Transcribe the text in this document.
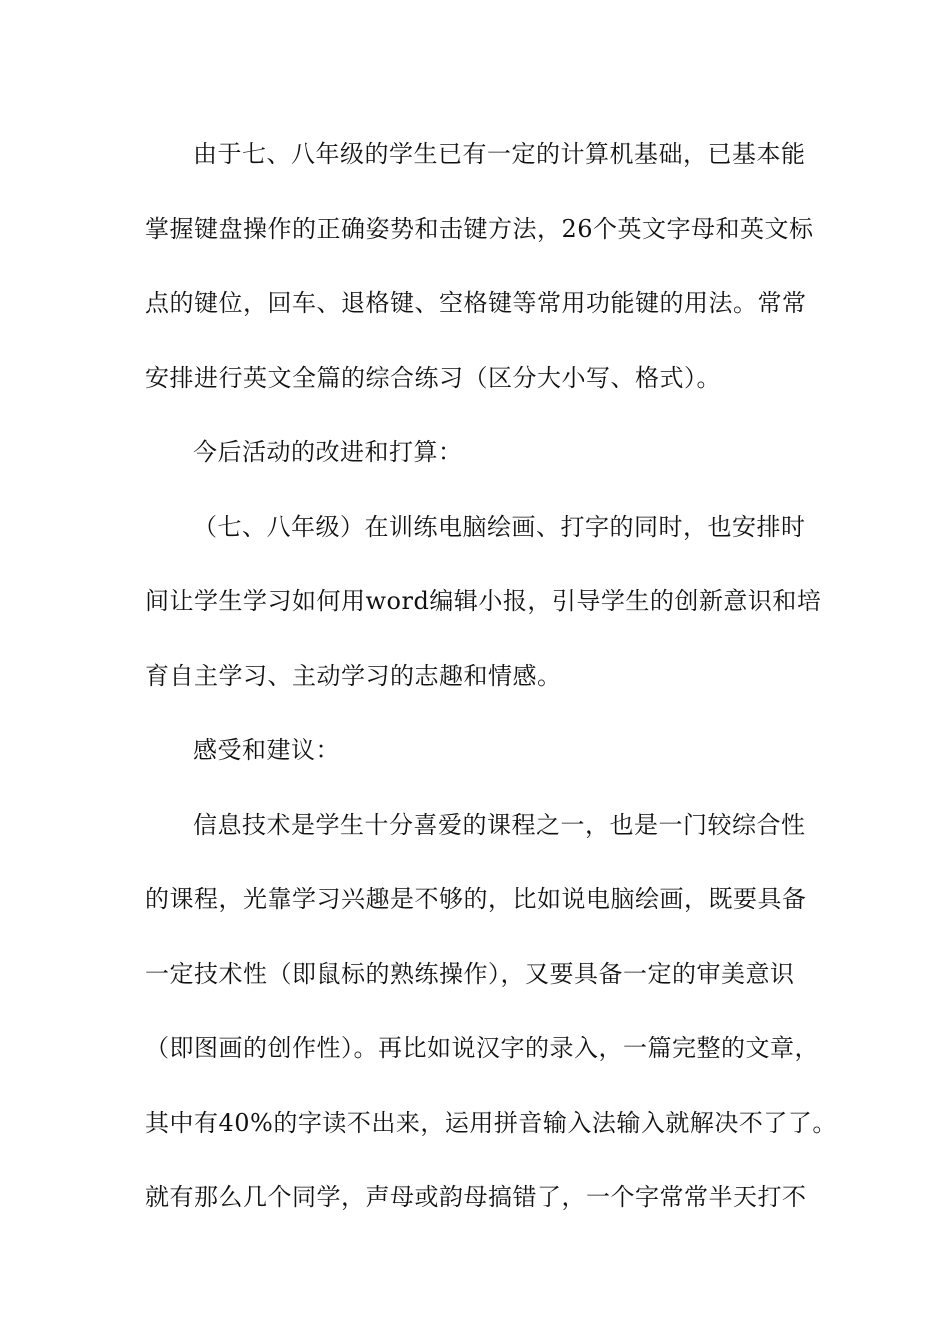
由于七、八年级的学生已有一定的计算机基础，已基本能
掌握键盘操作的正确姿势和击键方法，26个英文字母和英文标
点的键位，回车、退格键、空格键等常用功能键的用法。常常
安排进行英文全篇的综合练习（区分大小写、格式）。
今后活动的改进和打算：
（七、八年级）在训练电脑绘画、打字的同时，也安排时
间让学生学习如何用word编辑小报，引导学生的创新意识和培
育自主学习、主动学习的志趣和情感。
感受和建议：
信息技术是学生十分喜爱的课程之一，也是一门较综合性
的课程，光靠学习兴趣是不够的，比如说电脑绘画，既要具备
一定技术性（即鼠标的熟练操作），又要具备一定的审美意识
（即图画的创作性）。再比如说汉字的录入，一篇完整的文章，
其中有40%的字读不出来，运用拼音输入法输入就解决不了了。
就有那么几个同学，声母或韵母搞错了，一个字常常半天打不
